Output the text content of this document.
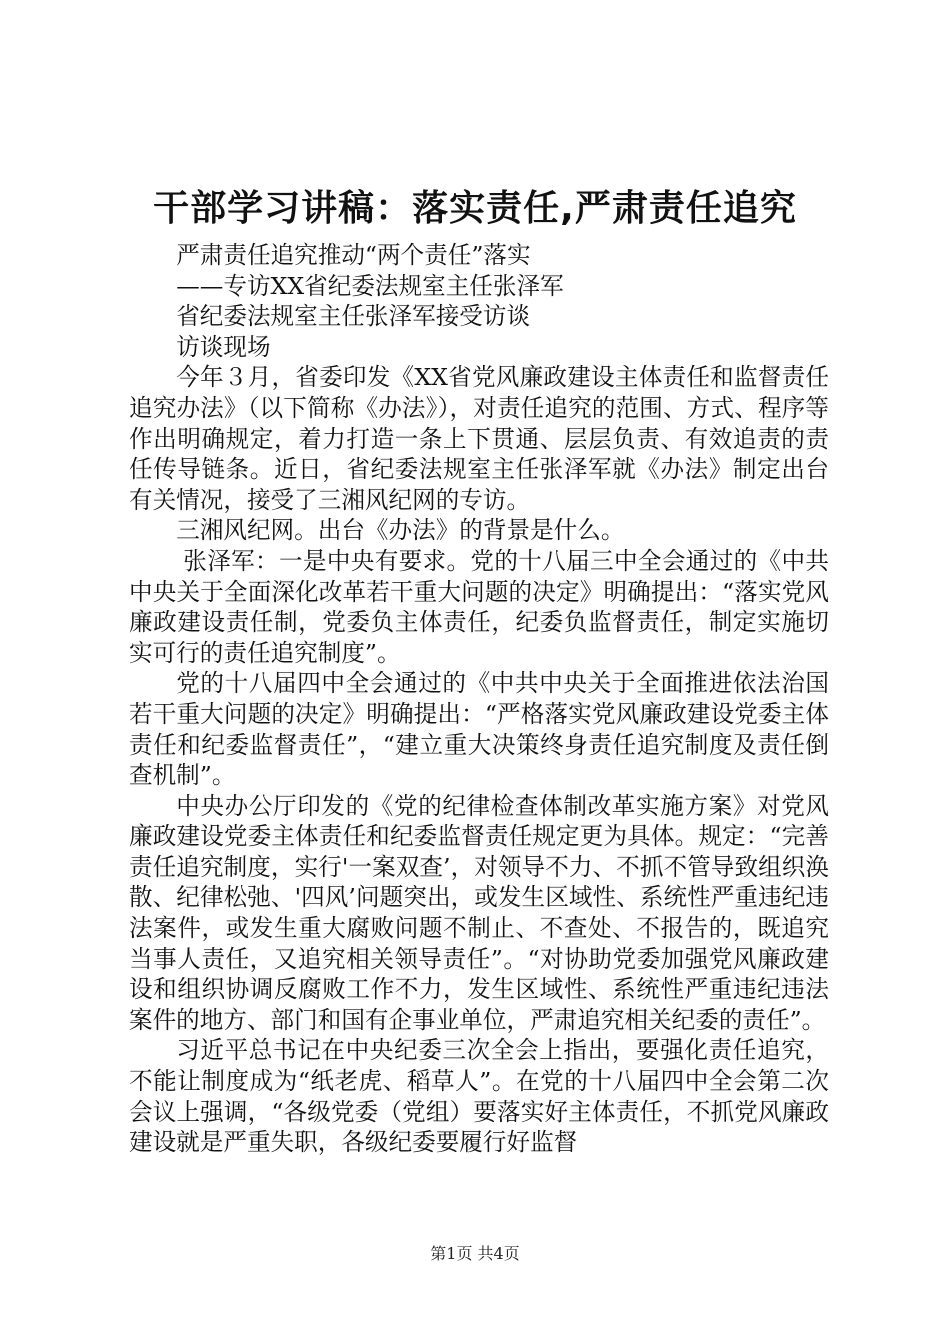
干部学习讲稿：落实责任,严肃责任追究

严肃责任追究推动“两个责任”落实

——专访XX省纪委法规室主任张泽军

省纪委法规室主任张泽军接受访谈

访谈现场

今年３月，省委印发《XX省党风廉政建设主体责任和监督责任追究办法》（以下简称《办法》），对责任追究的范围、方式、程序等作出明确规定，着力打造一条上下贯通、层层负责、有效追责的责任传导链条。近日，省纪委法规室主任张泽军就《办法》制定出台有关情况，接受了三湘风纪网的专访。

三湘风纪网。出台《办法》的背景是什么。

张泽军：一是中央有要求。党的十八届三中全会通过的《中共中央关于全面深化改革若干重大问题的决定》明确提出：“落实党风廉政建设责任制，党委负主体责任，纪委负监督责任，制定实施切实可行的责任追究制度”。

党的十八届四中全会通过的《中共中央关于全面推进依法治国若干重大问题的决定》明确提出：“严格落实党风廉政建设党委主体责任和纪委监督责任”，“建立重大决策终身责任追究制度及责任倒查机制”。

中央办公厅印发的《党的纪律检查体制改革实施方案》对党风廉政建设党委主体责任和纪委监督责任规定更为具体。规定：“完善责任追究制度，实行'一案双查’，对领导不力、不抓不管导致组织涣散、纪律松弛、'四风’问题突出，或发生区域性、系统性严重违纪违法案件，或发生重大腐败问题不制止、不查处、不报告的，既追究当事人责任，又追究相关领导责任”。“对协助党委加强党风廉政建设和组织协调反腐败工作不力，发生区域性、系统性严重违纪违法案件的地方、部门和国有企事业单位，严肃追究相关纪委的责任”。

习近平总书记在中央纪委三次全会上指出，要强化责任追究，不能让制度成为“纸老虎、稻草人”。在党的十八届四中全会第二次会议上强调，“各级党委（党组）要落实好主体责任，不抓党风廉政建设就是严重失职，各级纪委要履行好监督

第1页 共4页
